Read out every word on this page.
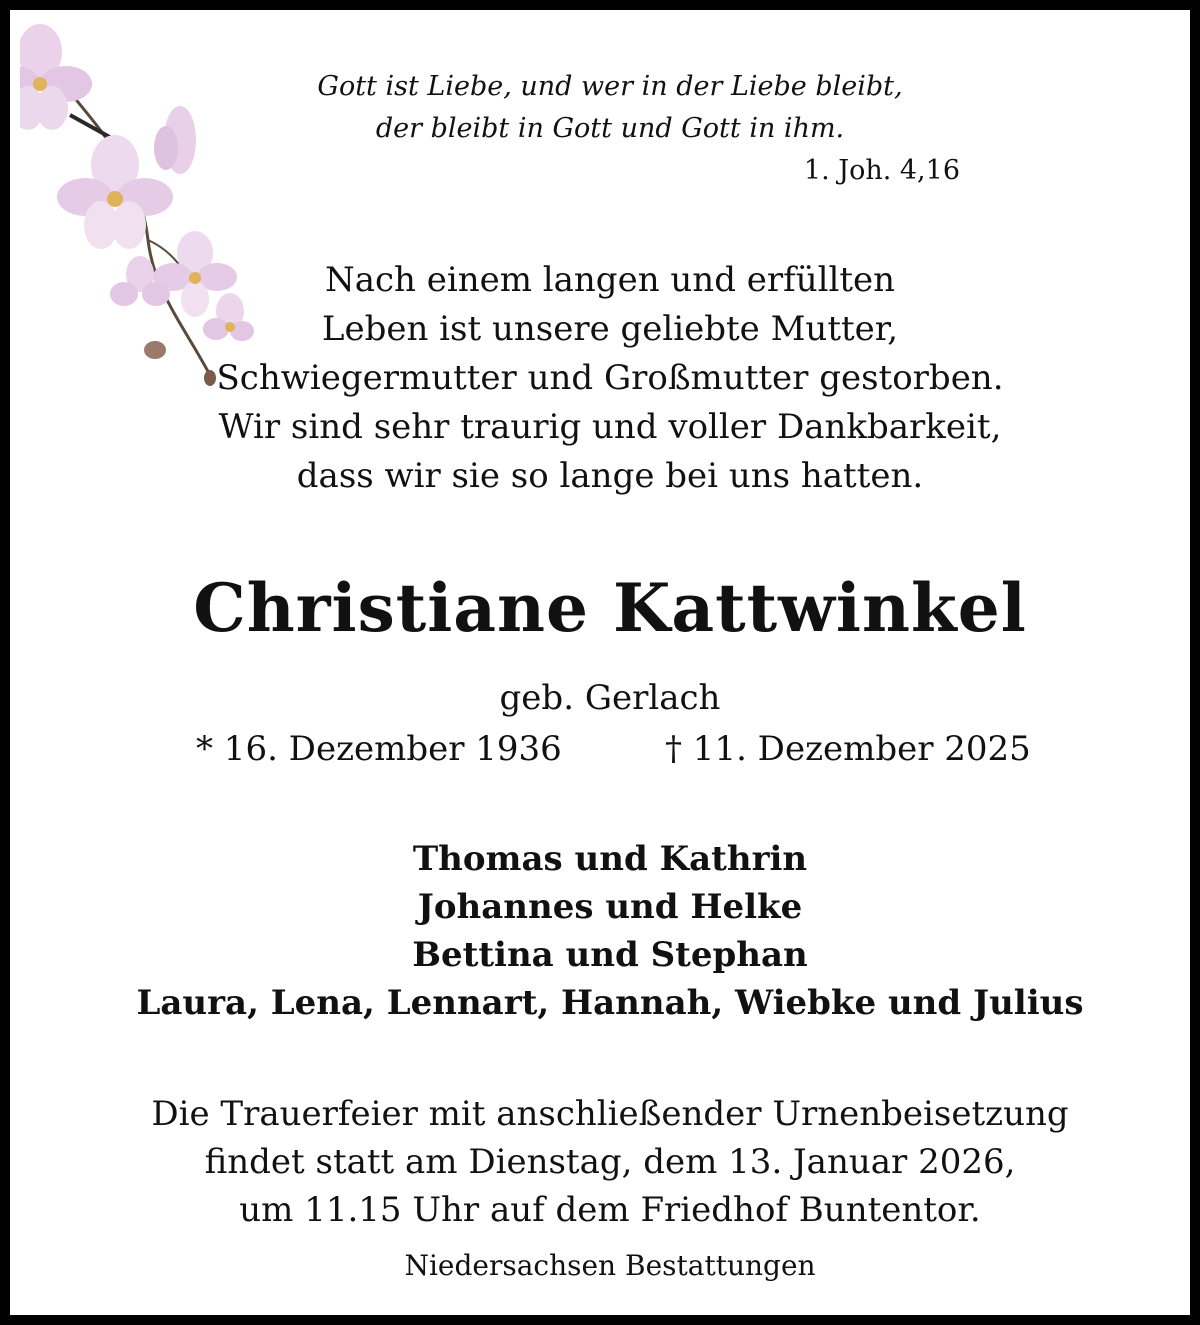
Gott ist Liebe, und wer in der Liebe bleibt,
der bleibt in Gott und Gott in ihm.
1. Joh. 4,16
Nach einem langen und erfüllten
Leben ist unsere geliebte Mutter,
Schwiegermutter und Großmutter gestorben.
Wir sind sehr traurig und voller Dankbarkeit,
dass wir sie so lange bei uns hatten.
Christiane Kattwinkel
geb. Gerlach
* 16. Dezember 1936	† 11. Dezember 2025
Thomas und Kathrin
Johannes und Helke
Bettina und Stephan
Laura, Lena, Lennart, Hannah, Wiebke und Julius
Die Trauerfeier mit anschließender Urnenbeisetzung
findet statt am Dienstag, dem 13. Januar 2026,
um 11.15 Uhr auf dem Friedhof Buntentor.
Niedersachsen Bestattungen
